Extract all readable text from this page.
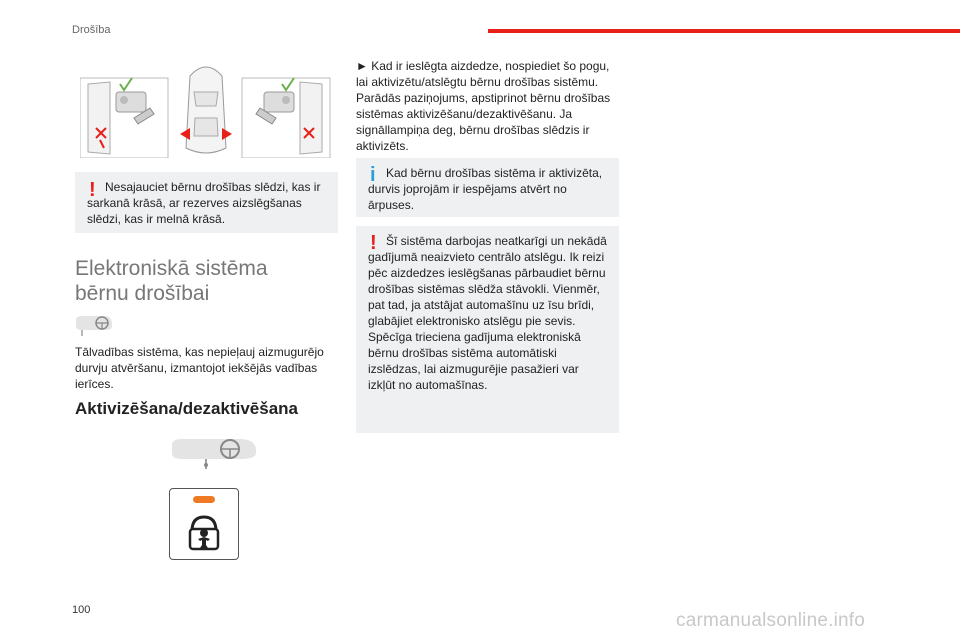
Drošība
! Nesajauciet bērnu drošības slēdzi, kas ir sarkanā krāsā, ar rezerves aizslēgšanas slēdzi, kas ir melnā krāsā.

Elektroniskā sistēma bērnu drošībai

Tālvadības sistēma, kas nepieļauj aizmugurējo durvju atvēršanu, izmantojot iekšējās vadības ierīces.

Aktivizēšana/dezaktivēšana

► Kad ir ieslēgta aizdedze, nospiediet šo pogu, lai aktivizētu/atslēgtu bērnu drošības sistēmu. Parādās paziņojums, apstiprinot bērnu drošības sistēmas aktivizēšanu/dezaktivēšanu. Ja signāllampiņa deg, bērnu drošības slēdzis ir aktivizēts.

i Kad bērnu drošības sistēma ir aktivizēta, durvis joprojām ir iespējams atvērt no ārpuses.

! Šī sistēma darbojas neatkarīgi un nekādā gadījumā neaizvieto centrālo atslēgu. Ik reizi pēc aizdedzes ieslēgšanas pārbaudiet bērnu drošības sistēmas slēdža stāvokli. Vienmēr, pat tad, ja atstājat automašīnu uz īsu brīdi, glabājiet elektronisko atslēgu pie sevis. Spēcīga trieciena gadījuma elektroniskā bērnu drošības sistēma automātiski izslēdzas, lai aizmugurējie pasažieri var izkļūt no automašīnas.

100	carmanualsonline.info
